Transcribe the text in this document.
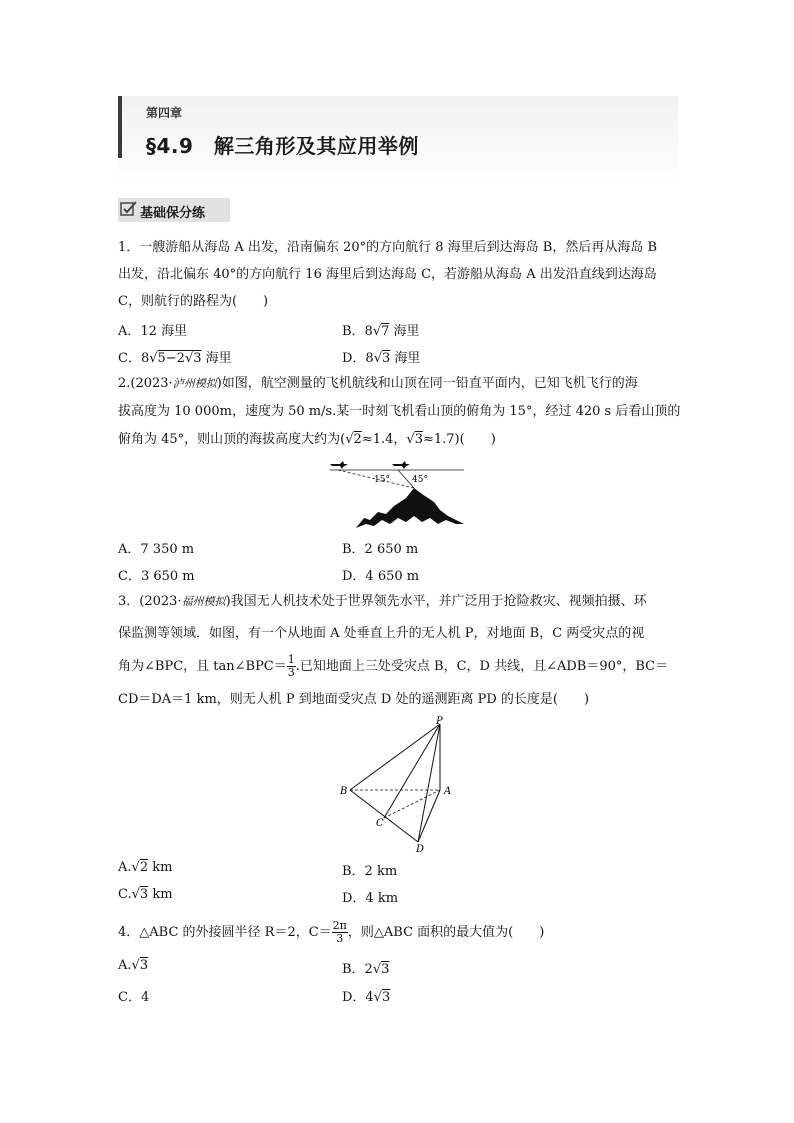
第四章
§4.9　解三角形及其应用举例
基础保分练
1．一艘游船从海岛 A 出发，沿南偏东 20°的方向航行 8 海里后到达海岛 B，然后再从海岛 B
出发，沿北偏东 40°的方向航行 16 海里后到达海岛 C，若游船从海岛 A 出发沿直线到达海岛
C，则航行的路程为(　　)
A．12 海里	B．8√7 海里
C．8√5−2√3 海里	D．8√3 海里
2.(2023·泸州模拟)如图，航空测量的飞机航线和山顶在同一铅直平面内，已知飞机飞行的海
拔高度为 10 000m，速度为 50 m/s.某一时刻飞机看山顶的俯角为 15°，经过 420 s 后看山顶的
俯角为 45°，则山顶的海拔高度大约为(√2≈1.4，√3≈1.7)(　　)
15° 45°
A．7 350 m	B．2 650 m
C．3 650 m	D．4 650 m
3．(2023·福州模拟)我国无人机技术处于世界领先水平，并广泛用于抢险救灾、视频拍摄、环
保监测等领域．如图，有一个从地面 A 处垂直上升的无人机 P，对地面 B，C 两受灾点的视
角为∠BPC，且 tan∠BPC＝ $\frac{1}{3}$ .已知地面上三处受灾点 B，C，D 共线，且∠ADB＝90°，BC＝
CD＝DA＝1 km，则无人机 P 到地面受灾点 D 处的遥测距离 PD 的长度是(　　)
P
A
B
C
D
A.√2 km	B．2 km
C.√3 km	D．4 km
4．△ABC 的外接圆半径 R＝2，$C= \frac{2\pi}{3}$ ，则△ABC 面积的最大值为(　　)
A.√3	B．2√3
C．4	D．4√3
